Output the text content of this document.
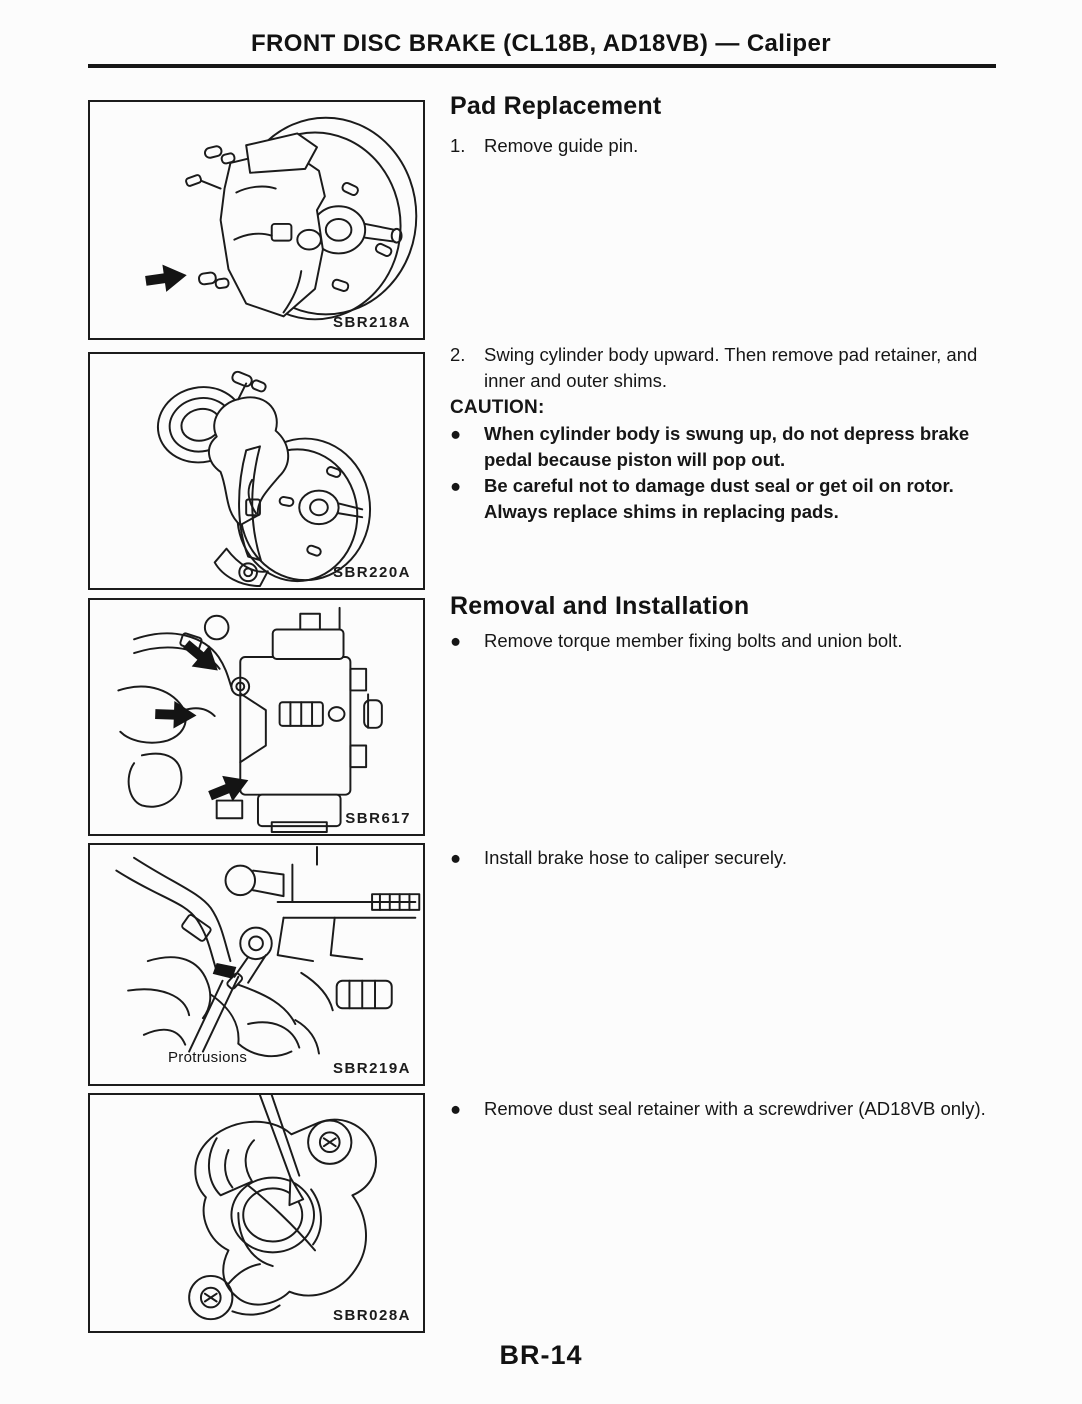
FRONT DISC BRAKE (CL18B, AD18VB) — Caliper
SBR218A
SBR220A
SBR617
Protrusions
SBR219A
SBR028A
Pad Replacement
1.	Remove guide pin.
2.	Swing cylinder body upward. Then remove pad retainer, and inner and outer shims.
CAUTION:
●	When cylinder body is swung up, do not depress brake pedal because piston will pop out.
●	Be careful not to damage dust seal or get oil on rotor. Always replace shims in replacing pads.
Removal and Installation
●	Remove torque member fixing bolts and union bolt.
●	Install brake hose to caliper securely.
●	Remove dust seal retainer with a screwdriver (AD18VB only).
BR-14
